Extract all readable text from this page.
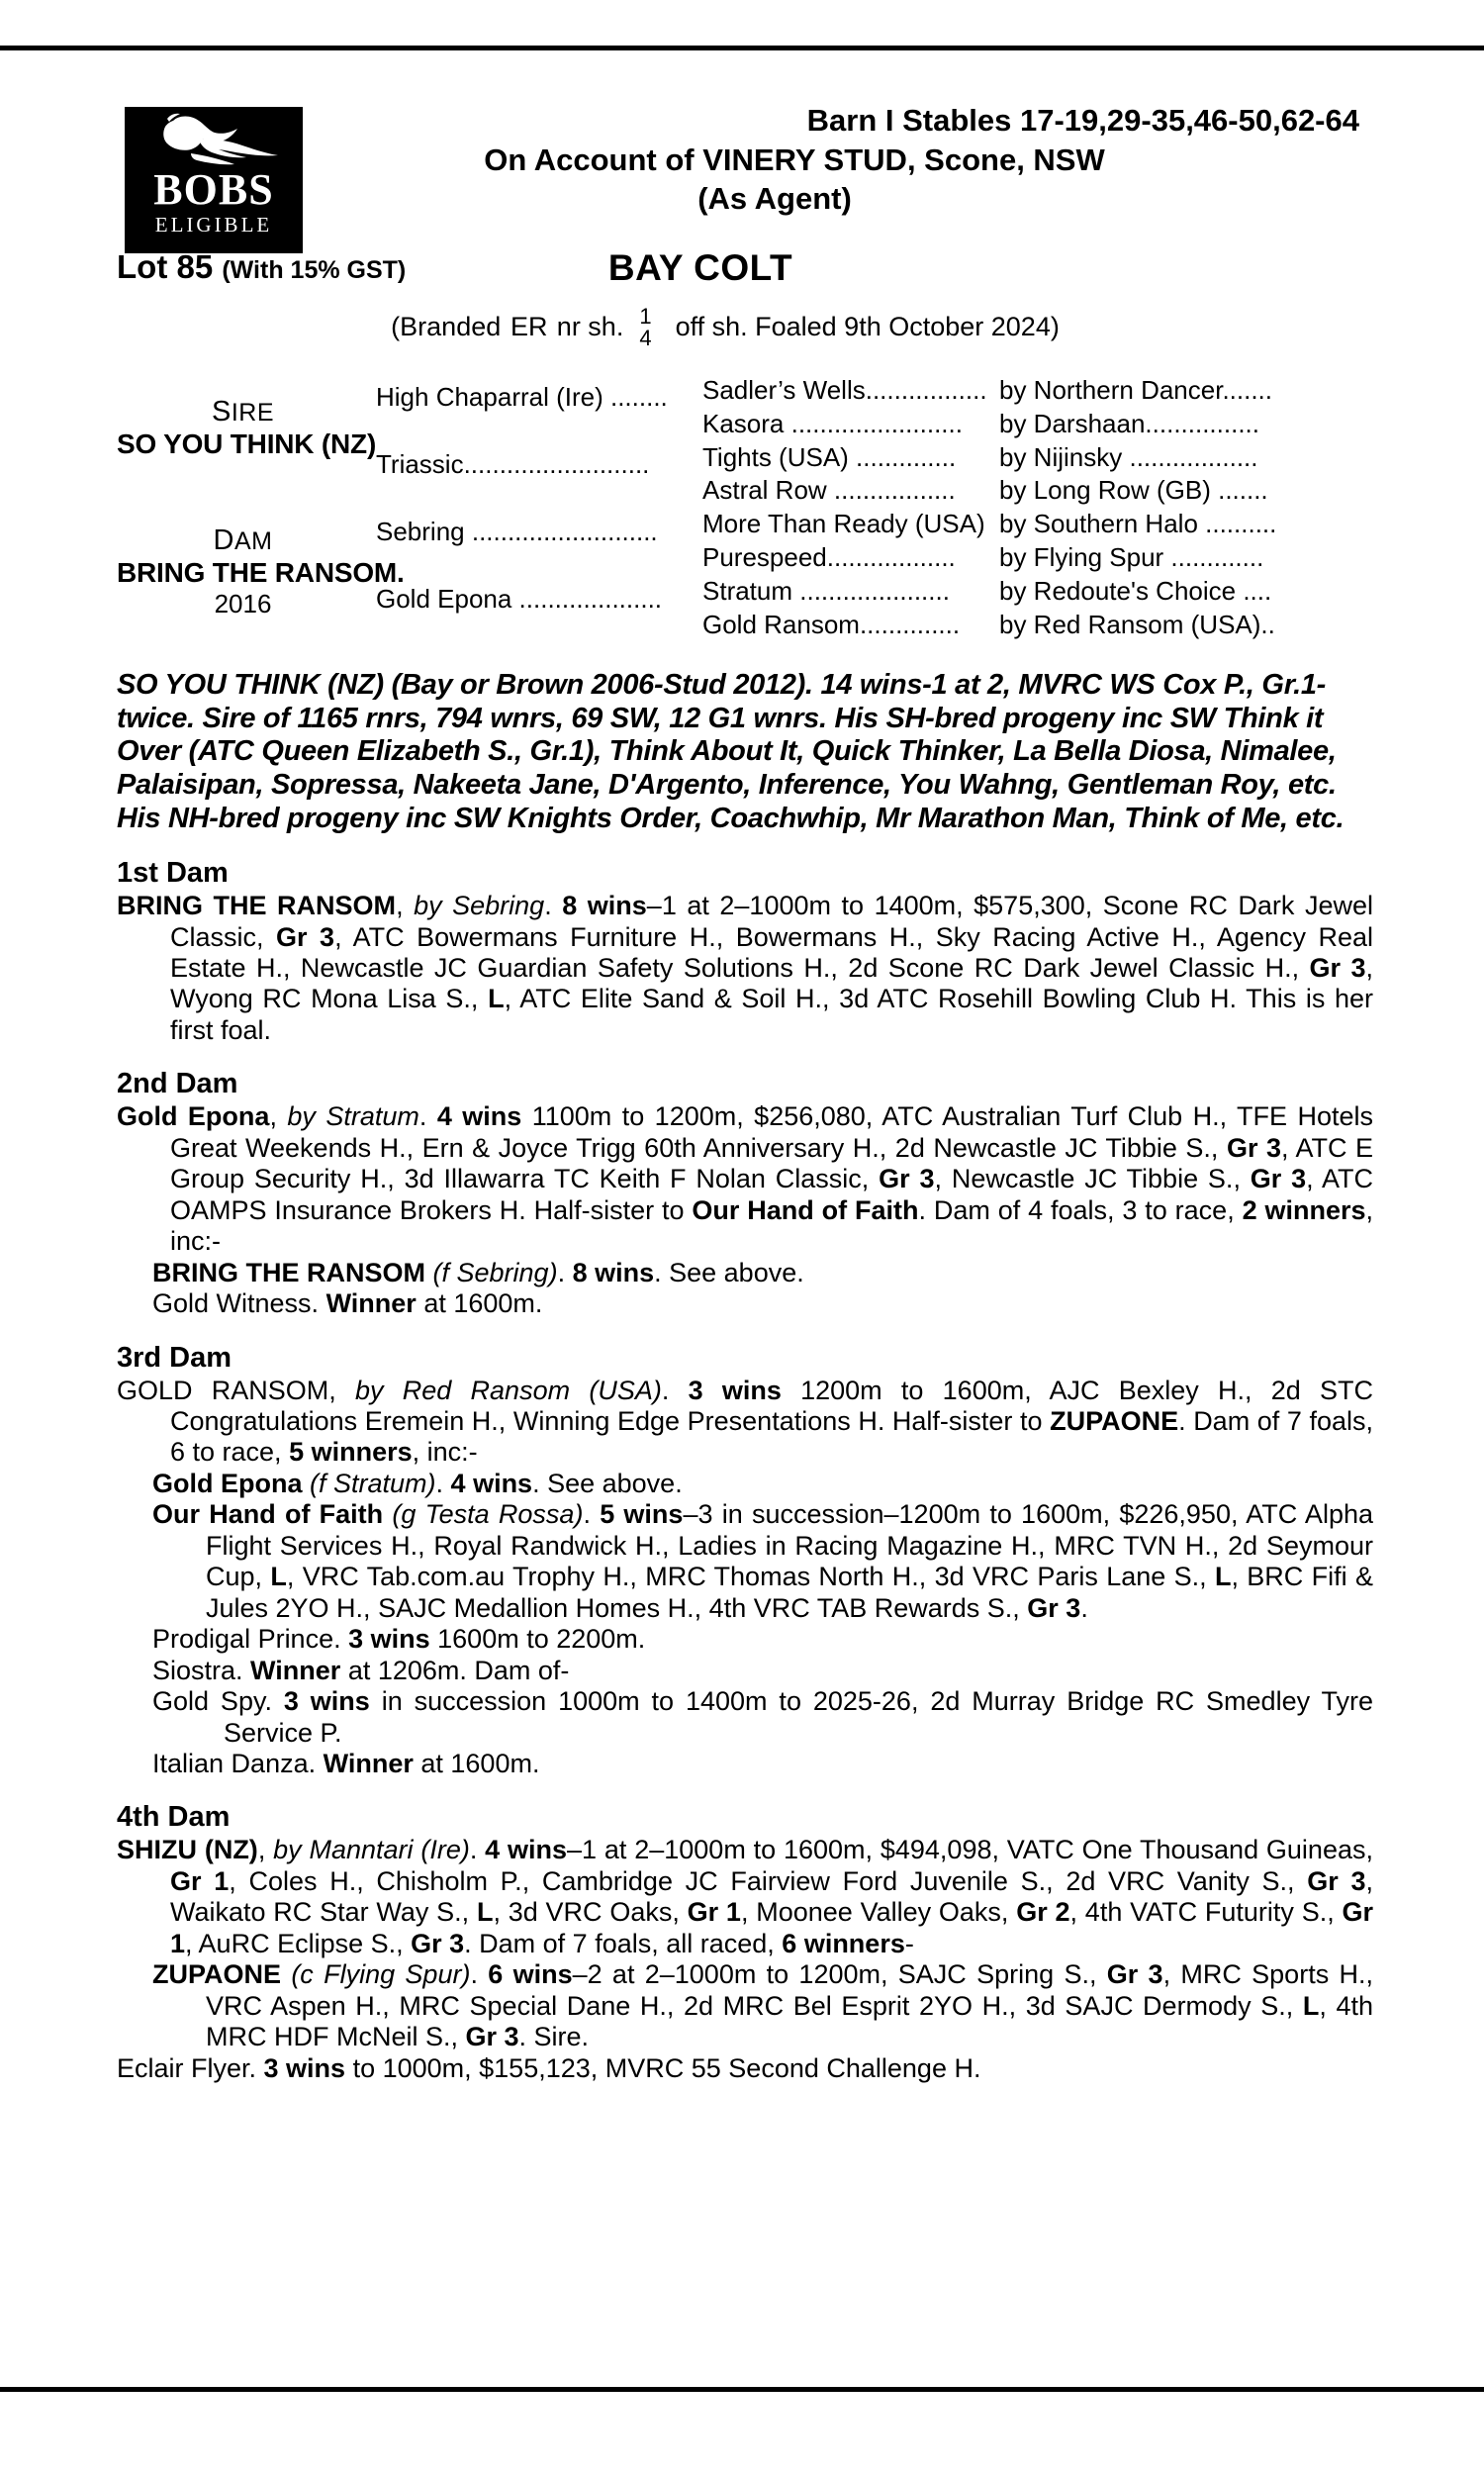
BOBS
ELIGIBLE
Barn I Stables 17-19,29-35,46-50,62-64
On Account of VINERY STUD, Scone, NSW
(As Agent)
Lot 85 (With 15% GST)	BAY COLT
(Branded
ЯƎ
nr sh. 1
4 off sh. Foaled 9th October 2024)
SIRE
SO YOU THINK (NZ)
DAM
BRING THE RANSOM.
2016
High Chaparral (Ire) ........
Triassic..........................
Sebring ..........................
Gold Epona ....................
Sadler’s Wells................. by Northern Dancer.......
Kasora ........................	by Darshaan................
Tights (USA) ..............	by Nijinsky ..................
Astral Row .................	by Long Row (GB) .......
More Than Ready (USA) by Southern Halo ..........
Purespeed..................	by Flying Spur .............
Stratum .....................	by Redoute's Choice ....
Gold Ransom..............	by Red Ransom (USA)..
SO YOU THINK (NZ) (Bay or Brown 2006-Stud 2012). 14 wins-1 at 2, MVRC WS Cox P., Gr.1-twice. Sire of 1165 rnrs, 794 wnrs, 69 SW, 12 G1 wnrs. His SH-bred progeny inc SW Think it Over (ATC Queen Elizabeth S., Gr.1), Think About It, Quick Thinker, La Bella Diosa, Nimalee, Palaisipan, Sopressa, Nakeeta Jane, D'Argento, Inference, You Wahng, Gentleman Roy, etc. His NH-bred progeny inc SW Knights Order, Coachwhip, Mr Marathon Man, Think of Me, etc.
1st Dam
BRING THE RANSOM, by Sebring. 8 wins–1 at 2–1000m to 1400m, $575,300, Scone RC Dark Jewel Classic, Gr 3, ATC Bowermans Furniture H., Bowermans H., Sky Racing Active H., Agency Real Estate H., Newcastle JC Guardian Safety Solutions H., 2d Scone RC Dark Jewel Classic H., Gr 3, Wyong RC Mona Lisa S., L, ATC Elite Sand & Soil H., 3d ATC Rosehill Bowling Club H. This is her first foal.
2nd Dam
Gold Epona, by Stratum. 4 wins 1100m to 1200m, $256,080, ATC Australian Turf Club H., TFE Hotels Great Weekends H., Ern & Joyce Trigg 60th Anniversary H., 2d Newcastle JC Tibbie S., Gr 3, ATC E Group Security H., 3d Illawarra TC Keith F Nolan Classic, Gr 3, Newcastle JC Tibbie S., Gr 3, ATC OAMPS Insurance Brokers H. Half-sister to Our Hand of Faith. Dam of 4 foals, 3 to race, 2 winners, inc:-
BRING THE RANSOM (f Sebring). 8 wins. See above.
Gold Witness. Winner at 1600m.
3rd Dam
GOLD RANSOM, by Red Ransom (USA). 3 wins 1200m to 1600m, AJC Bexley H., 2d STC Congratulations Eremein H., Winning Edge Presentations H. Half-sister to ZUPAONE. Dam of 7 foals, 6 to race, 5 winners, inc:-
Gold Epona (f Stratum). 4 wins. See above.
Our Hand of Faith (g Testa Rossa). 5 wins–3 in succession–1200m to 1600m, $226,950, ATC Alpha Flight Services H., Royal Randwick H., Ladies in Racing Magazine H., MRC TVN H., 2d Seymour Cup, L, VRC Tab.com.au Trophy H., MRC Thomas North H., 3d VRC Paris Lane S., L, BRC Fifi & Jules 2YO H., SAJC Medallion Homes H., 4th VRC TAB Rewards S., Gr 3.
Prodigal Prince. 3 wins 1600m to 2200m.
Siostra. Winner at 1206m. Dam of-
Gold Spy. 3 wins in succession 1000m to 1400m to 2025-26, 2d Murray Bridge RC Smedley Tyre Service P.
Italian Danza. Winner at 1600m.
4th Dam
SHIZU (NZ), by Manntari (Ire). 4 wins–1 at 2–1000m to 1600m, $494,098, VATC One Thousand Guineas, Gr 1, Coles H., Chisholm P., Cambridge JC Fairview Ford Juvenile S., 2d VRC Vanity S., Gr 3, Waikato RC Star Way S., L, 3d VRC Oaks, Gr 1, Moonee Valley Oaks, Gr 2, 4th VATC Futurity S., Gr 1, AuRC Eclipse S., Gr 3. Dam of 7 foals, all raced, 6 winners-
ZUPAONE (c Flying Spur). 6 wins–2 at 2–1000m to 1200m, SAJC Spring S., Gr 3, MRC Sports H., VRC Aspen H., MRC Special Dane H., 2d MRC Bel Esprit 2YO H., 3d SAJC Dermody S., L, 4th MRC HDF McNeil S., Gr 3. Sire.
Eclair Flyer. 3 wins to 1000m, $155,123, MVRC 55 Second Challenge H.
